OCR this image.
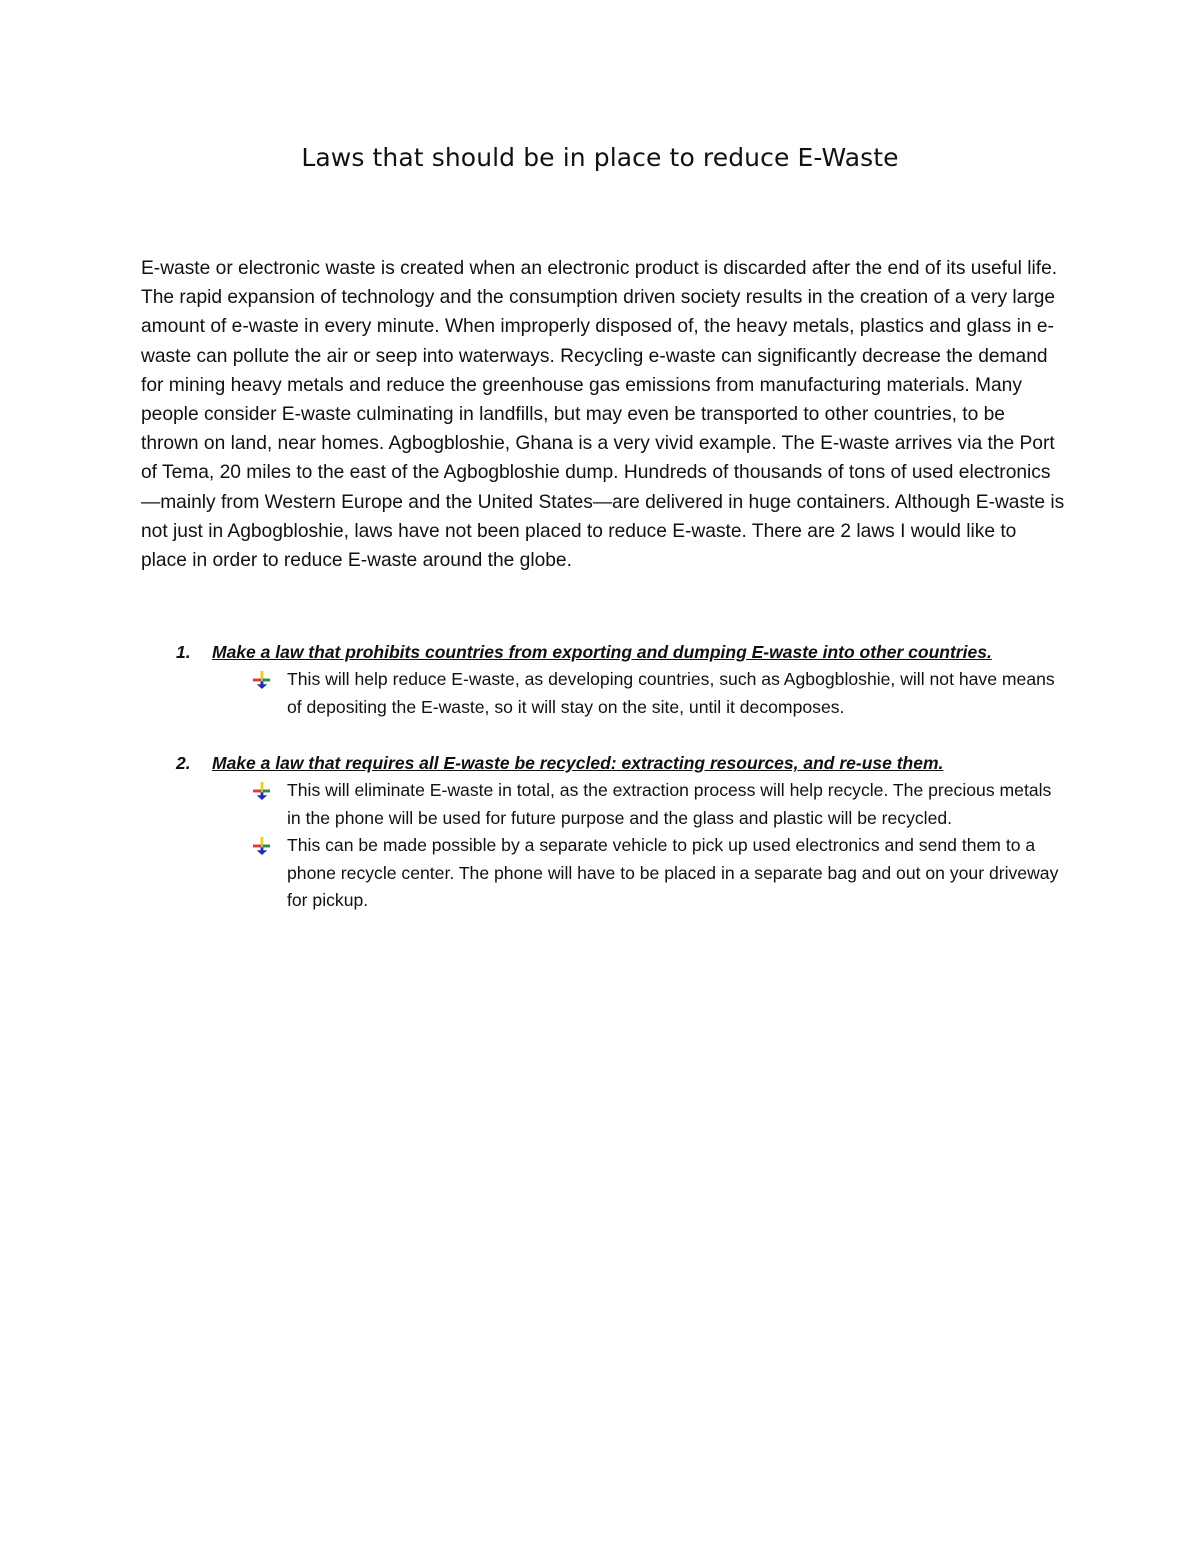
Laws that should be in place to reduce E-Waste

E-waste or electronic waste is created when an electronic product is discarded after the end of its useful life. The rapid expansion of technology and the consumption driven society results in the creation of a very large amount of e-waste in every minute. When improperly disposed of, the heavy metals, plastics and glass in e-waste can pollute the air or seep into waterways. Recycling e-waste can significantly decrease the demand for mining heavy metals and reduce the greenhouse gas emissions from manufacturing materials. Many people consider E-waste culminating in landfills, but may even be transported to other countries, to be thrown on land, near homes. Agbogbloshie, Ghana is a very vivid example. The E-waste arrives via the Port of Tema, 20 miles to the east of the Agbogbloshie dump. Hundreds of thousands of tons of used electronics—mainly from Western Europe and the United States—are delivered in huge containers. Although E-waste is not just in Agbogbloshie, laws have not been placed to reduce E-waste. There are 2 laws I would like to place in order to reduce E-waste around the globe.

1. Make a law that prohibits countries from exporting and dumping E-waste into other countries.
This will help reduce E-waste, as developing countries, such as Agbogbloshie, will not have means of depositing the E-waste, so it will stay on the site, until it decomposes.
2. Make a law that requires all E-waste be recycled: extracting resources, and re-use them.
This will eliminate E-waste in total, as the extraction process will help recycle. The precious metals in the phone will be used for future purpose and the glass and plastic will be recycled.
This can be made possible by a separate vehicle to pick up used electronics and send them to a phone recycle center. The phone will have to be placed in a separate bag and out on your driveway for pickup.
